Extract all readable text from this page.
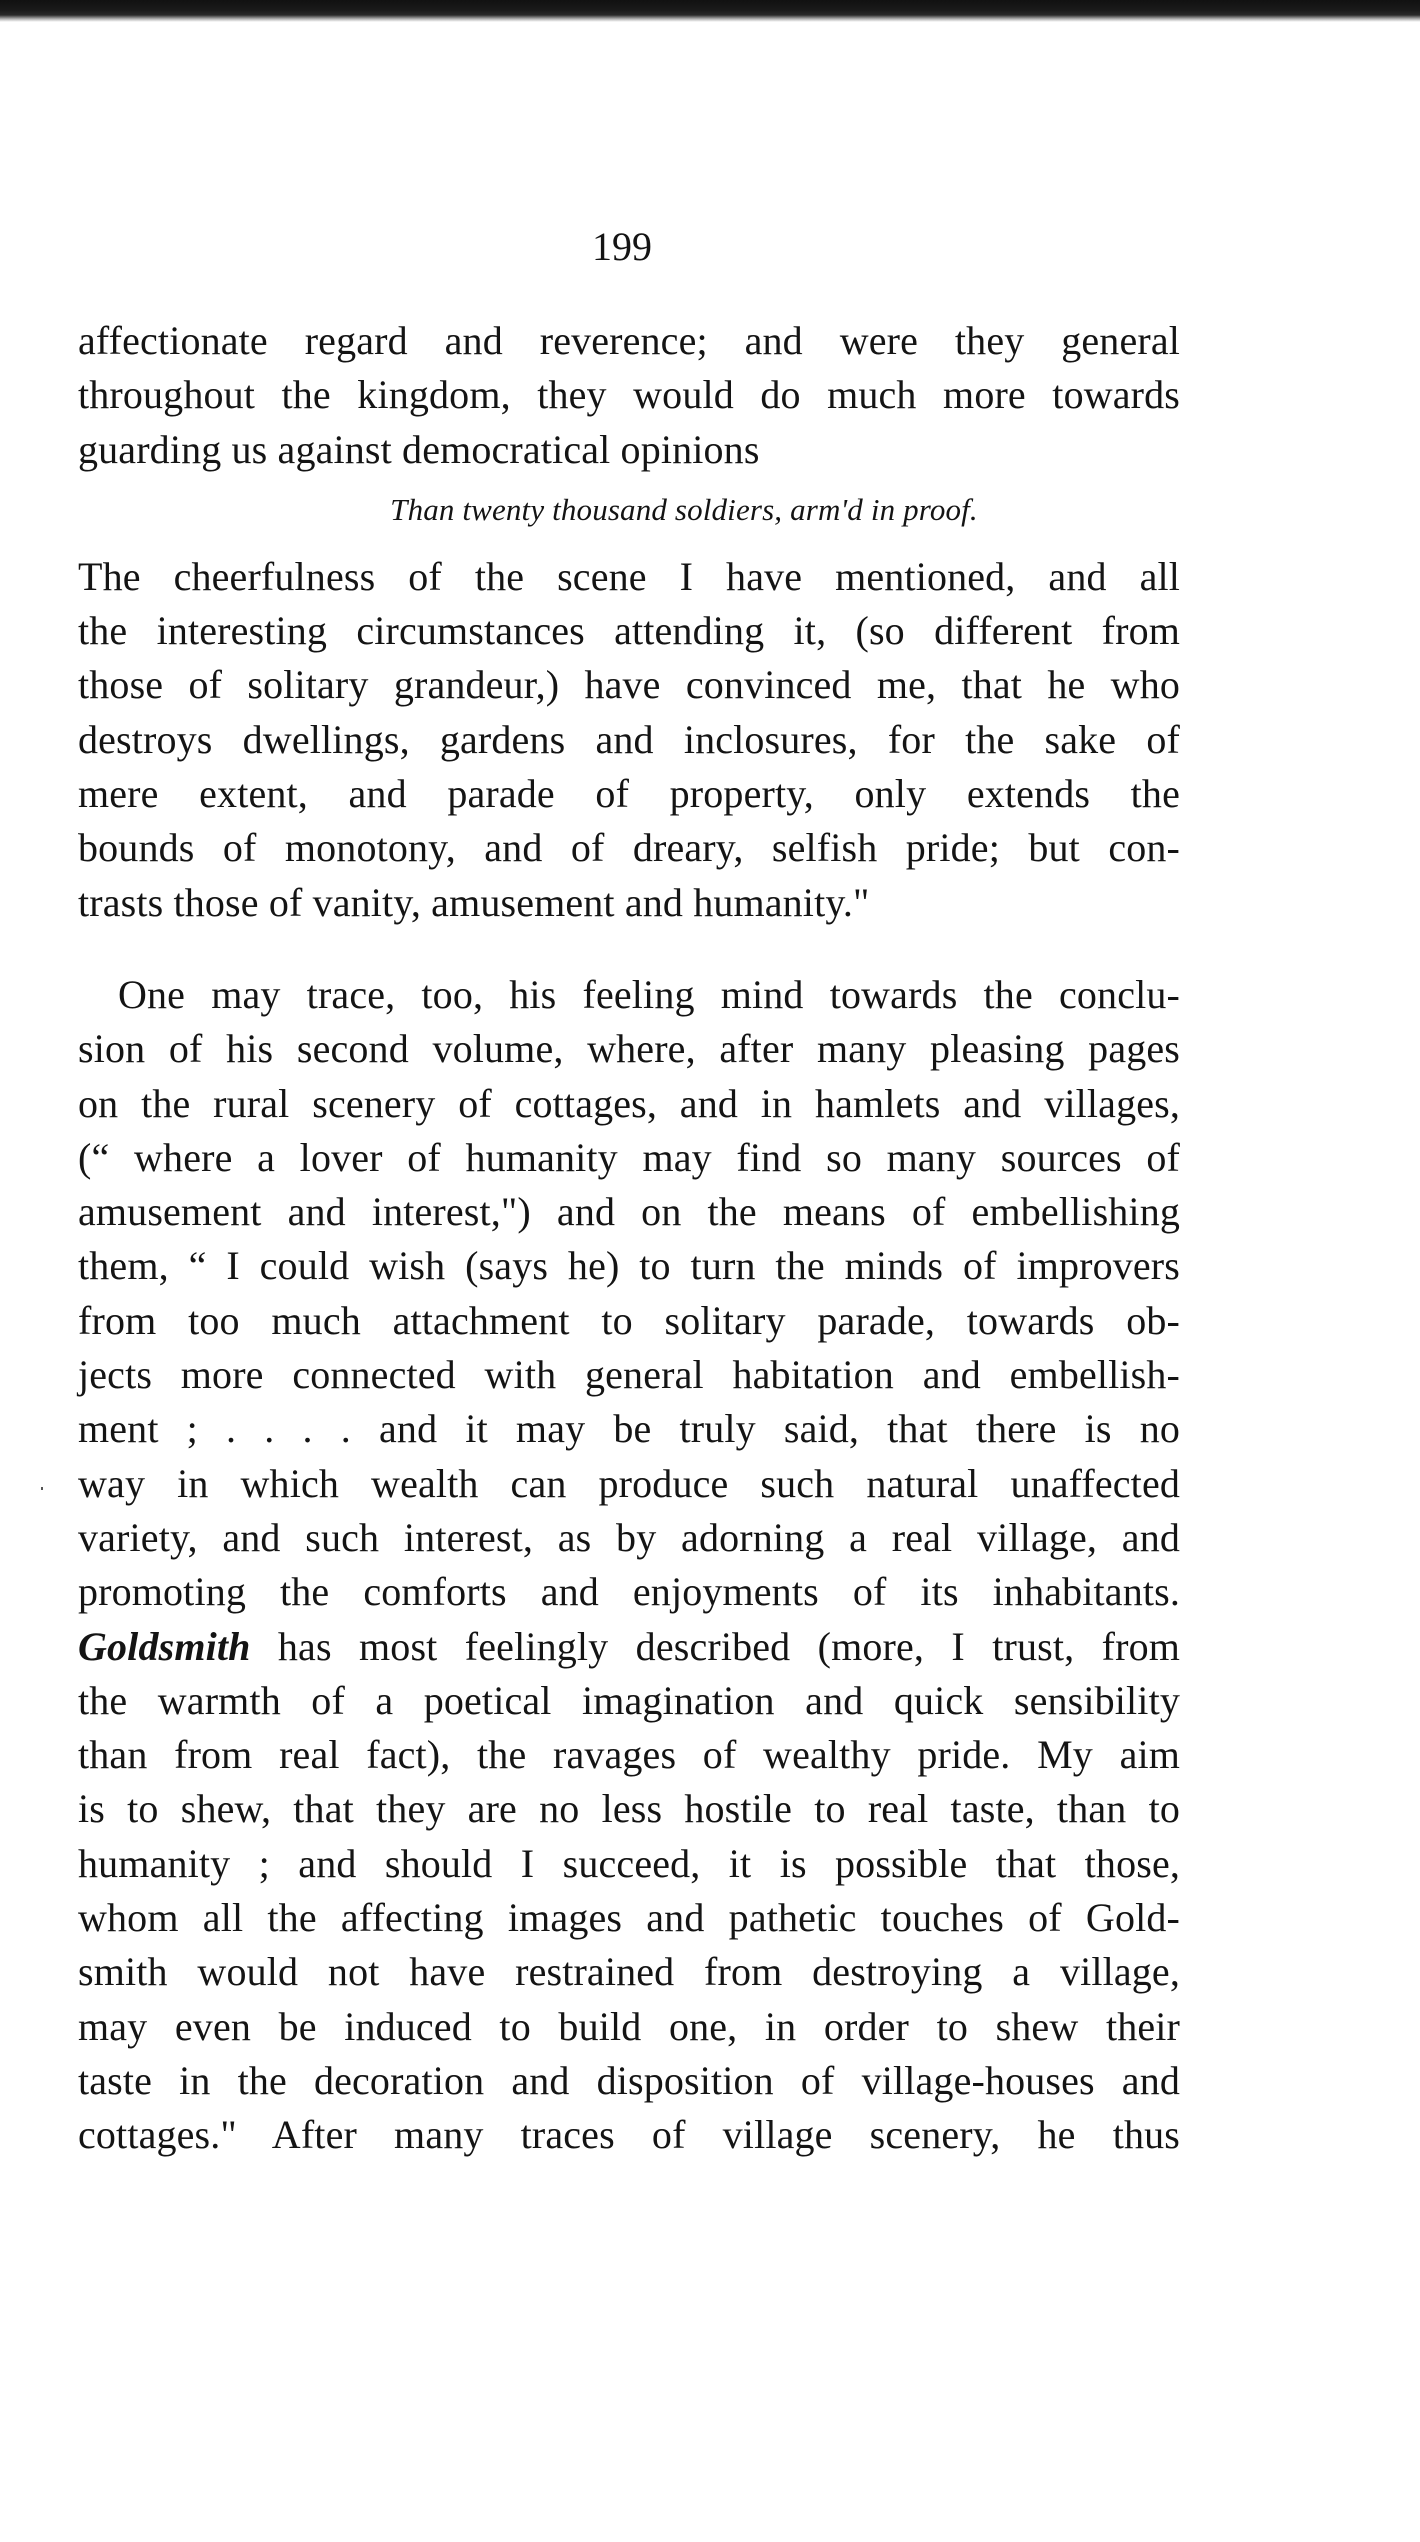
199
affectionate regard and reverence; and were they general
throughout the kingdom, they would do much more towards
guarding us against democratical opinions
Than twenty thousand soldiers, arm'd in proof.
The cheerfulness of the scene I have mentioned, and all
the interesting circumstances attending it, (so different from
those of solitary grandeur,) have convinced me, that he who
destroys dwellings, gardens and inclosures, for the sake of
mere extent, and parade of property, only extends the
bounds of monotony, and of dreary, selfish pride; but con-
trasts those of vanity, amusement and humanity."
One may trace, too, his feeling mind towards the conclu-
sion of his second volume, where, after many pleasing pages
on the rural scenery of cottages, and in hamlets and villages,
(“ where a lover of humanity may find so many sources of
amusement and interest,") and on the means of embellishing
them, “ I could wish (says he) to turn the minds of improvers
from too much attachment to solitary parade, towards ob-
jects more connected with general habitation and embellish-
ment ; . . . . and it may be truly said, that there is no
way in which wealth can produce such natural unaffected
variety, and such interest, as by adorning a real village, and
promoting the comforts and enjoyments of its inhabitants.
Goldsmith has most feelingly described (more, I trust, from
the warmth of a poetical imagination and quick sensibility
than from real fact), the ravages of wealthy pride. My aim
is to shew, that they are no less hostile to real taste, than to
humanity ; and should I succeed, it is possible that those,
whom all the affecting images and pathetic touches of Gold-
smith would not have restrained from destroying a village,
may even be induced to build one, in order to shew their
taste in the decoration and disposition of village-houses and
cottages." After many traces of village scenery, he thus
